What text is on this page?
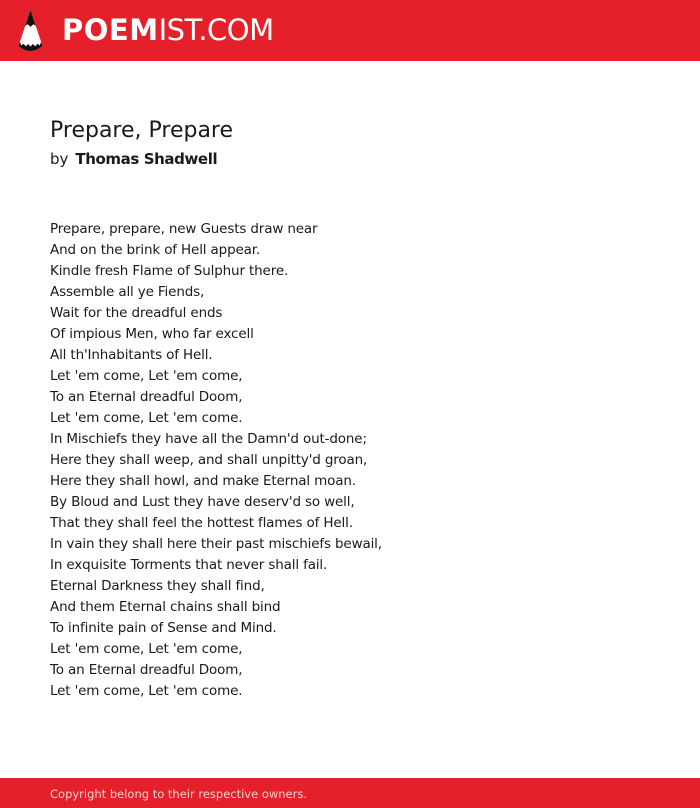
POEMIST.COM
Prepare, Prepare
by Thomas Shadwell
Prepare, prepare, new Guests draw near
And on the brink of Hell appear.
Kindle fresh Flame of Sulphur there.
Assemble all ye Fiends,
Wait for the dreadful ends
Of impious Men, who far excell
All th'Inhabitants of Hell.
Let 'em come, Let 'em come,
To an Eternal dreadful Doom,
Let 'em come, Let 'em come.
In Mischiefs they have all the Damn'd out-done;
Here they shall weep, and shall unpitty'd groan,
Here they shall howl, and make Eternal moan.
By Bloud and Lust they have deserv'd so well,
That they shall feel the hottest flames of Hell.
In vain they shall here their past mischiefs bewail,
In exquisite Torments that never shall fail.
Eternal Darkness they shall find,
And them Eternal chains shall bind
To infinite pain of Sense and Mind.
Let 'em come, Let 'em come,
To an Eternal dreadful Doom,
Let 'em come, Let 'em come.
Copyright belong to their respective owners.
